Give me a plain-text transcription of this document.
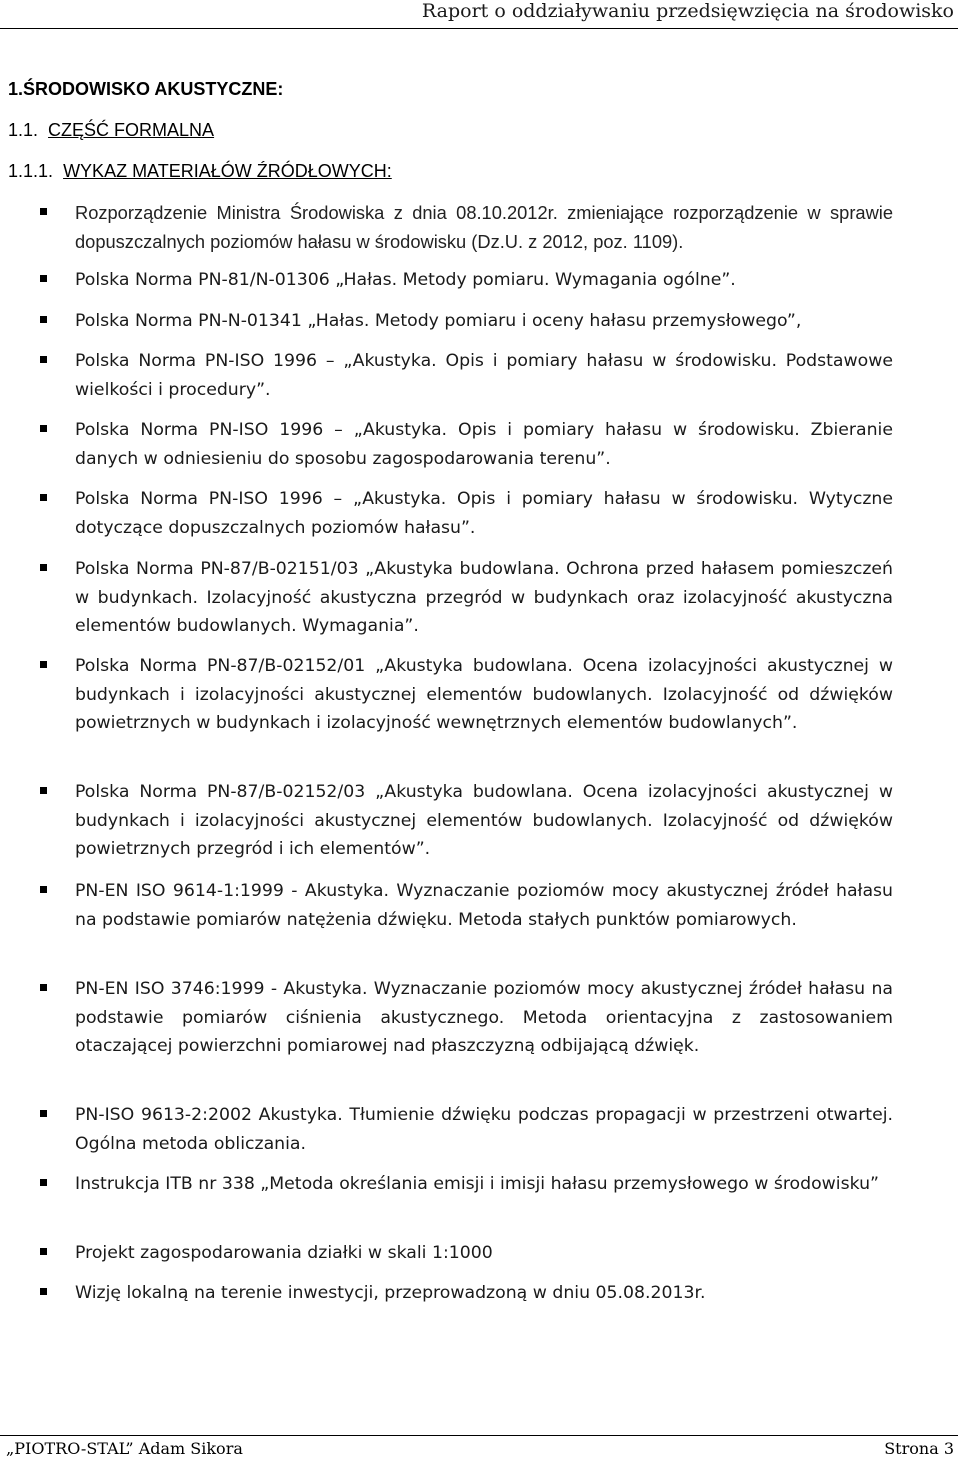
Raport o oddziaływaniu przedsięwzięcia na środowisko
1.ŚRODOWISKO AKUSTYCZNE:
1.1. CZĘŚĆ FORMALNA
1.1.1. WYKAZ MATERIAŁÓW ŹRÓDŁOWYCH:
Rozporządzenie Ministra Środowiska z dnia 08.10.2012r. zmieniające rozporządzenie w sprawie dopuszczalnych poziomów hałasu w środowisku (Dz.U. z 2012, poz. 1109).
Polska Norma PN-81/N-01306 „Hałas. Metody pomiaru. Wymagania ogólne”.
Polska Norma PN-N-01341 „Hałas. Metody pomiaru i oceny hałasu przemysłowego”,
Polska Norma PN-ISO 1996 – „Akustyka. Opis i pomiary hałasu w środowisku. Podstawowe wielkości i procedury”.
Polska Norma PN-ISO 1996 – „Akustyka. Opis i pomiary hałasu w środowisku. Zbieranie danych w odniesieniu do sposobu zagospodarowania terenu”.
Polska Norma PN-ISO 1996 – „Akustyka. Opis i pomiary hałasu w środowisku. Wytyczne dotyczące dopuszczalnych poziomów hałasu”.
Polska Norma PN-87/B-02151/03 „Akustyka budowlana. Ochrona przed hałasem pomieszczeń w budynkach. Izolacyjność akustyczna przegród w budynkach oraz izolacyjność akustyczna elementów budowlanych. Wymagania”.
Polska Norma PN-87/B-02152/01 „Akustyka budowlana. Ocena izolacyjności akustycznej w budynkach i izolacyjności akustycznej elementów budowlanych. Izolacyjność od dźwięków powietrznych w budynkach i izolacyjność wewnętrznych elementów budowlanych”.
Polska Norma PN-87/B-02152/03 „Akustyka budowlana. Ocena izolacyjności akustycznej w budynkach i izolacyjności akustycznej elementów budowlanych. Izolacyjność od dźwięków powietrznych przegród i ich elementów”.
PN-EN ISO 9614-1:1999 - Akustyka. Wyznaczanie poziomów mocy akustycznej źródeł hałasu na podstawie pomiarów natężenia dźwięku. Metoda stałych punktów pomiarowych.
PN-EN ISO 3746:1999 - Akustyka. Wyznaczanie poziomów mocy akustycznej źródeł hałasu na podstawie pomiarów ciśnienia akustycznego. Metoda orientacyjna z zastosowaniem otaczającej powierzchni pomiarowej nad płaszczyzną odbijającą dźwięk.
PN-ISO 9613-2:2002 Akustyka. Tłumienie dźwięku podczas propagacji w przestrzeni otwartej. Ogólna metoda obliczania.
Instrukcja ITB nr 338 „Metoda określania emisji i imisji hałasu przemysłowego w środowisku”
Projekt zagospodarowania działki w skali 1:1000
Wizję lokalną na terenie inwestycji, przeprowadzoną w dniu 05.08.2013r.
„PIOTRO-STAL” Adam Sikora	Strona 3
